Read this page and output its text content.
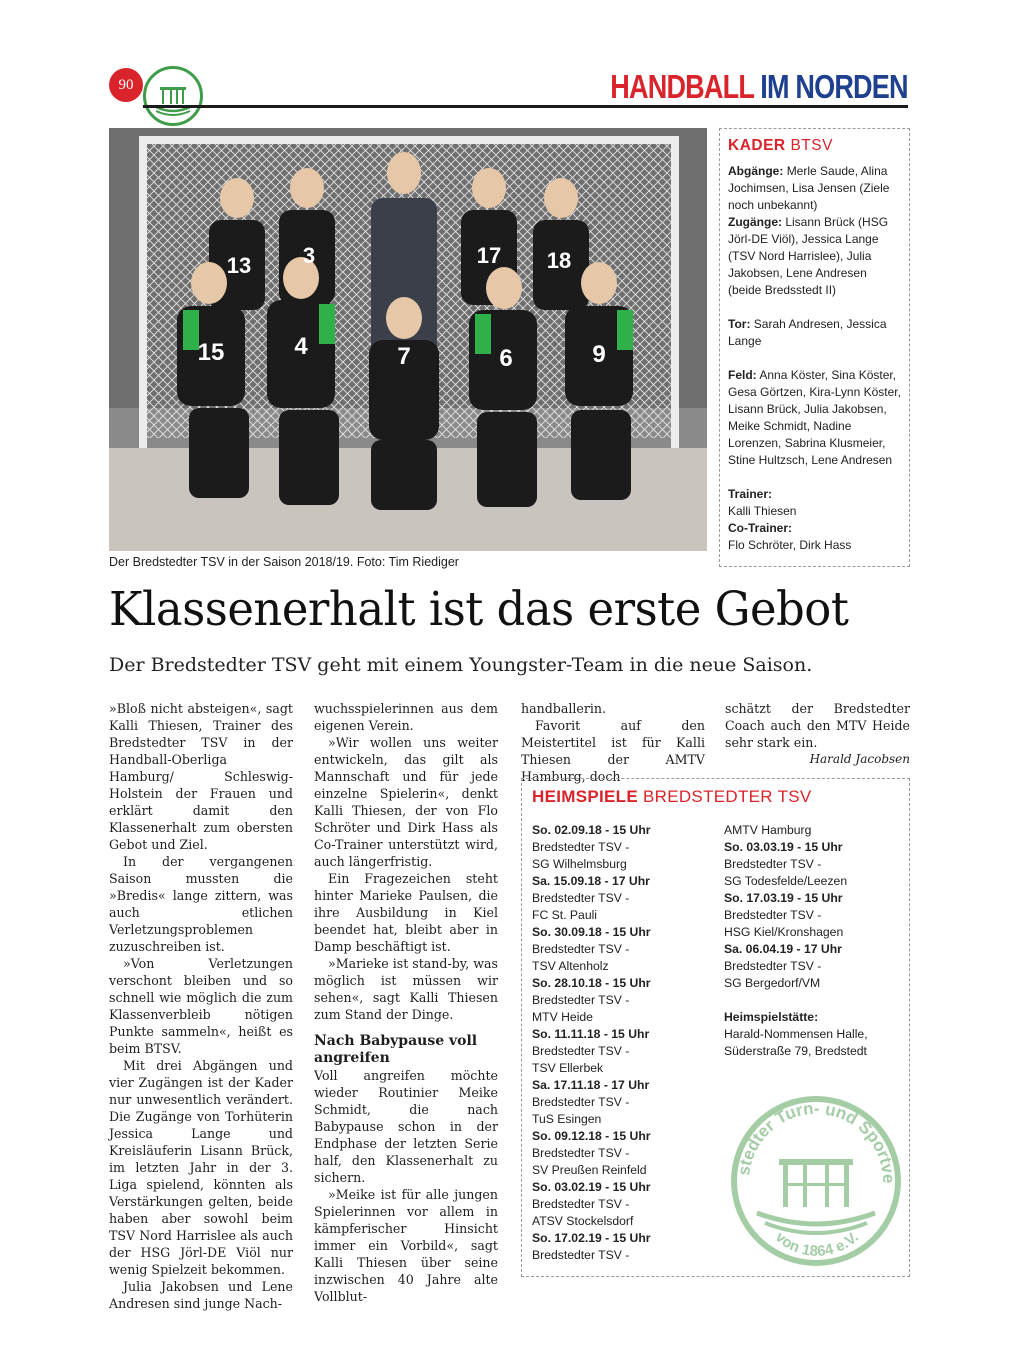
90	HANDBALL IM NORDEN
13 3	17 18
15	4	7	6	9
Der Bredstedter TSV in der Saison 2018/19. Foto: Tim Riediger
KADER BTSV

Abgänge: Merle Saude, Alina Jochimsen, Lisa Jensen (Ziele noch unbekannt)

Zugänge: Lisann Brück (HSG Jörl-DE Viöl), Jessica Lange (TSV Nord Harrislee), Julia Jakobsen, Lene Andresen (beide Bredsstedt II)

Tor: Sarah Andresen, Jessica Lange

Feld: Anna Köster, Sina Köster, Gesa Görtzen, Kira-Lynn Köster, Lisann Brück, Julia Jakobsen, Meike Schmidt, Nadine Lorenzen, Sabrina Klusmeier, Stine Hultzsch, Lene Andresen

Trainer:
Kalli Thiesen

Co-Trainer:
Flo Schröter, Dirk Hass

Klassenerhalt ist das erste Gebot
Der Bredstedter TSV geht mit einem Youngster-Team in die neue Saison.

»Bloß nicht absteigen«, sagt Kalli Thiesen, Trainer des Bredstedter TSV in der Handball-Oberliga Hamburg/ Schleswig-Holstein der Frauen und erklärt damit den Klassenerhalt zum obersten Gebot und Ziel.

In der vergangenen Saison mussten die »Bredis« lange zittern, was auch etlichen Verletzungsproblemen zuzuschreiben ist.

»Von Verletzungen verschont bleiben und so schnell wie möglich die zum Klassenverbleib nötigen Punkte sammeln«, heißt es beim BTSV.

Mit drei Abgängen und vier Zugängen ist der Kader nur unwesentlich verändert. Die Zugänge von Torhüterin Jessica Lange und Kreisläuferin Lisann Brück, im letzten Jahr in der 3. Liga spielend, könnten als Verstärkungen gelten, beide haben aber sowohl beim TSV Nord Harrislee als auch der HSG Jörl-DE Viöl nur wenig Spielzeit bekommen.

Julia Jakobsen und Lene Andresen sind junge Nach-

wuchsspielerinnen aus dem eigenen Verein.

»Wir wollen uns weiter entwickeln, das gilt als Mannschaft und für jede einzelne Spielerin«, denkt Kalli Thiesen, der von Flo Schröter und Dirk Hass als Co-Trainer unterstützt wird, auch längerfristig.

Ein Fragezeichen steht hinter Marieke Paulsen, die ihre Ausbildung in Kiel beendet hat, bleibt aber in Damp beschäftigt ist.

»Marieke ist stand-by, was möglich ist müssen wir sehen«, sagt Kalli Thiesen zum Stand der Dinge.

Nach Babypause voll angreifen

Voll angreifen möchte wieder Routinier Meike Schmidt, die nach Babypause schon in der Endphase der letzten Serie half, den Klassenerhalt zu sichern.

»Meike ist für alle jungen Spielerinnen vor allem in kämpferischer Hinsicht immer ein Vorbild«, sagt Kalli Thiesen über seine inzwischen 40 Jahre alte Vollblut-

handballerin.

Favorit auf den Meistertitel ist für Kalli Thiesen der AMTV Hamburg, doch

schätzt der Bredstedter Coach auch den MTV Heide sehr stark ein.

Harald Jacobsen

HEIMSPIELE BREDSTEDTER TSV
So. 02.09.18 - 15 Uhr
Bredstedter TSV -
SG Wilhelmsburg
Sa. 15.09.18 - 17 Uhr
Bredstedter TSV -
FC St. Pauli
So. 30.09.18 - 15 Uhr
Bredstedter TSV -
TSV Altenholz
So. 28.10.18 - 15 Uhr
Bredstedter TSV -
MTV Heide
So. 11.11.18 - 15 Uhr
Bredstedter TSV -
TSV Ellerbek
Sa. 17.11.18 - 17 Uhr
Bredstedter TSV -
TuS Esingen
So. 09.12.18 - 15 Uhr
Bredstedter TSV -
SV Preußen Reinfeld
So. 03.02.19 - 15 Uhr
Bredstedter TSV -
ATSV Stockelsdorf
So. 17.02.19 - 15 Uhr
Bredstedter TSV -
AMTV Hamburg
So. 03.03.19 - 15 Uhr
Bredstedter TSV -
SG Todesfelde/Leezen
So. 17.03.19 - 15 Uhr
Bredstedter TSV -
HSG Kiel/Kronshagen
Sa. 06.04.19 - 17 Uhr
Bredstedter TSV -
SG Bergedorf/VM
Heimspielstätte:
Harald-Nommensen Halle,
Süderstraße 79, Bredstedt
stedter Turn- und Sportve
von 1864 e.V.
